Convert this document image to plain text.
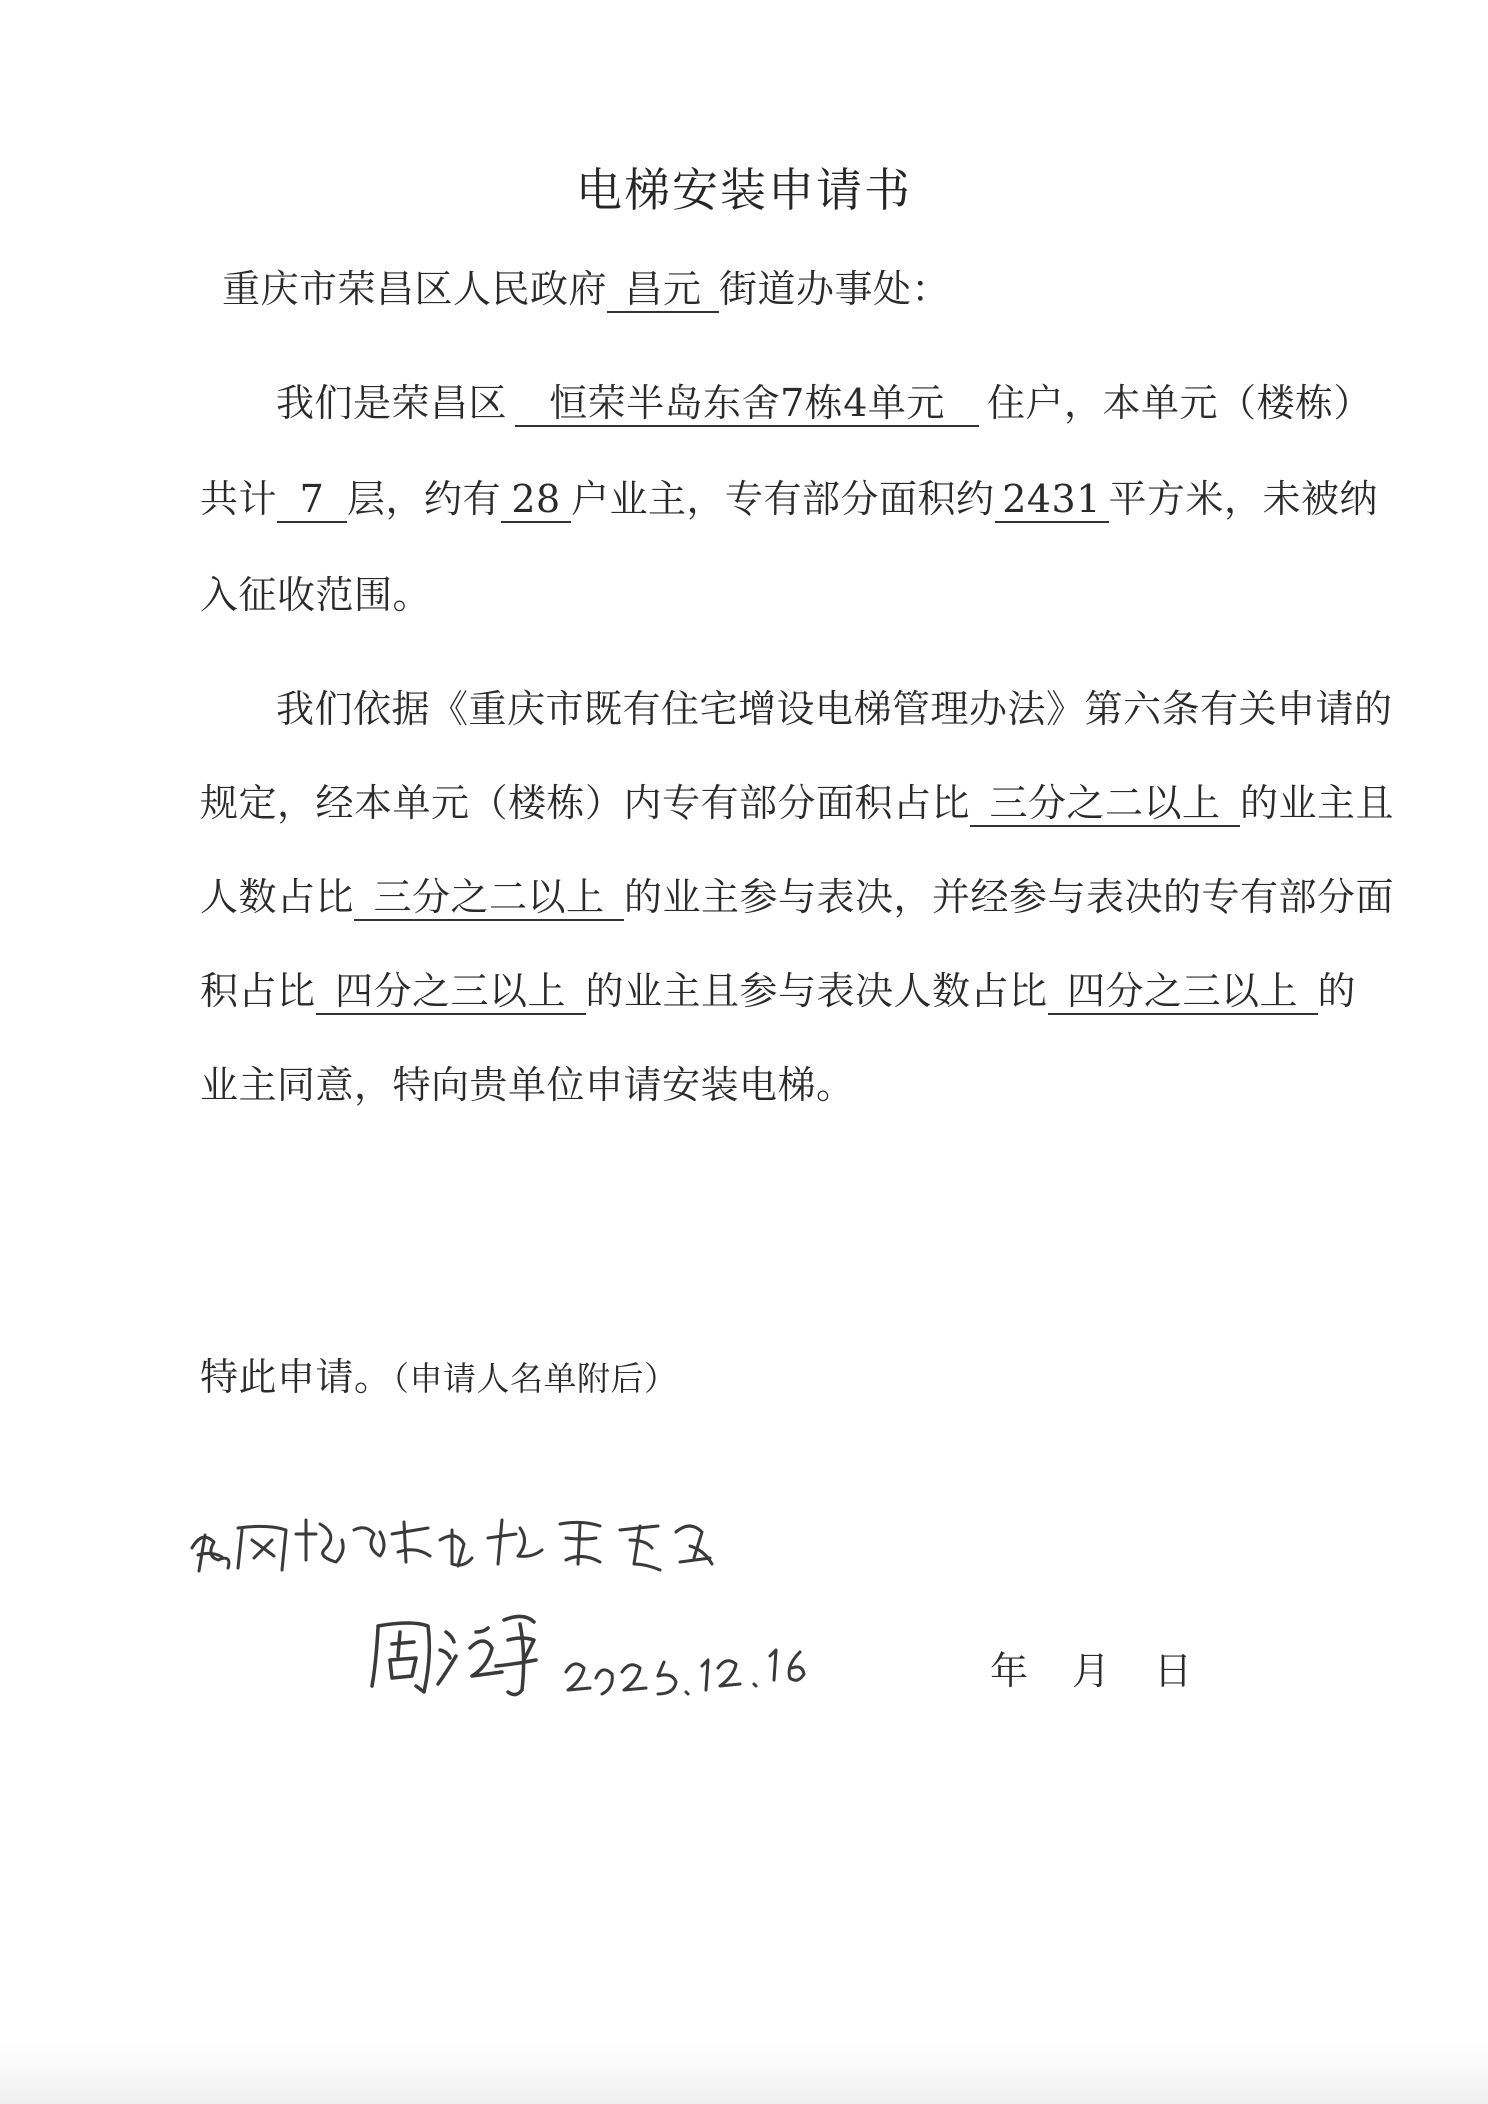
电梯安装申请书
重庆市荣昌区人民政府 昌元 街道办事处：
我们是荣昌区 恒荣半岛东舍7栋4单元 住户，本单元（楼栋）
共计 7 层，约有 28 户业主，专有部分面积约 2431 平方米，未被纳
入征收范围。
我们依据《重庆市既有住宅增设电梯管理办法》第六条有关申请的
规定，经本单元（楼栋）内专有部分面积占比 三分之二以上 的业主且
人数占比 三分之二以上 的业主参与表决，并经参与表决的专有部分面
积占比 四分之三以上 的业主且参与表决人数占比 四分之三以上 的
业主同意，特向贵单位申请安装电梯。
特此申请。（申请人名单附后）
年 月 日
